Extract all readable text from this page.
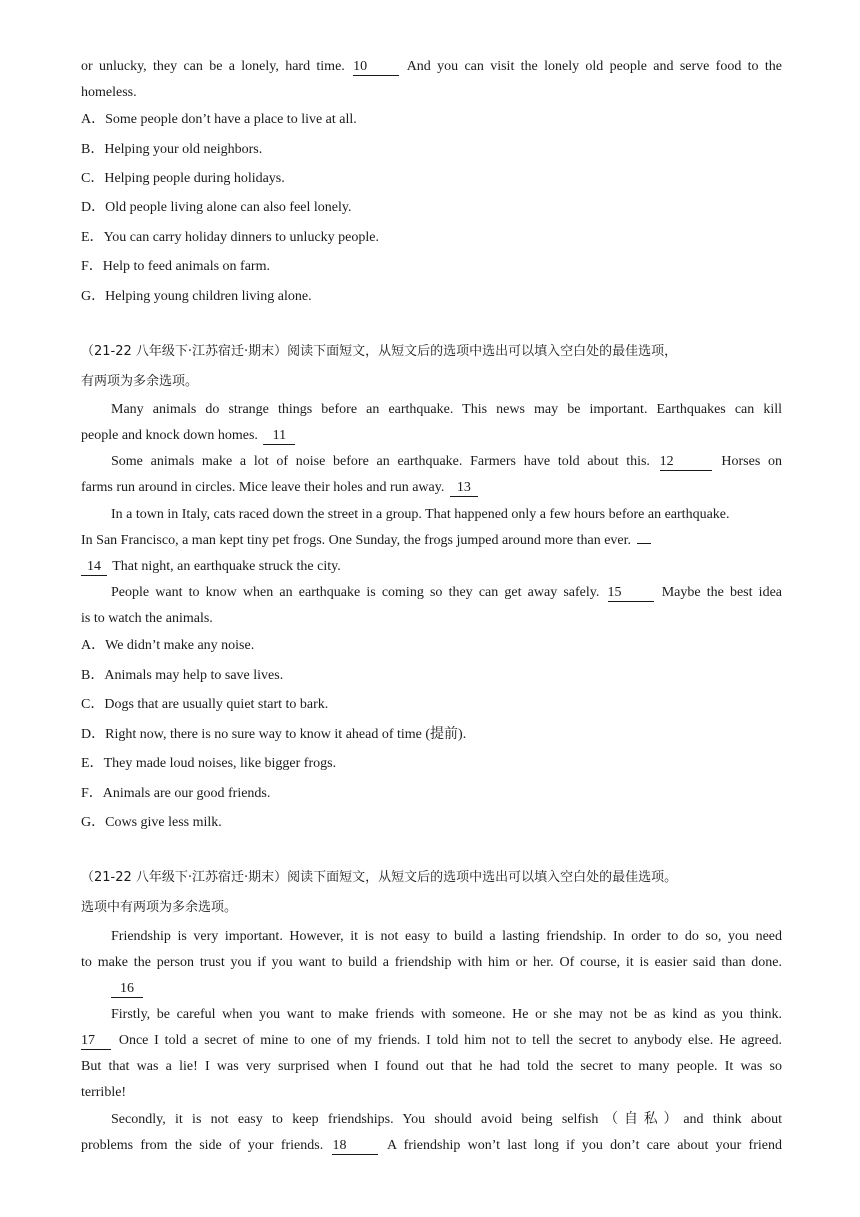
or unlucky, they can be a lonely, hard time. 10	And you can visit the lonely old people and serve food to the
homeless.
A．Some people don’t have a place to live at all.
B．Helping your old neighbors.
C．Helping people during holidays.
D．Old people living alone can also feel lonely.
E．You can carry holiday dinners to unlucky people.
F．Help to feed animals on farm.
G．Helping young children living alone.
（21-22 八年级下·江苏宿迁·期末）阅读下面短文，从短文后的选项中选出可以填入空白处的最佳选项，
有两项为多余选项。
Many animals do strange things before an earthquake. This news may be important. Earthquakes can kill
people and knock down homes. 11
Some animals make a lot of noise before an earthquake. Farmers have told about this. 12	Horses on
farms run around in circles. Mice leave their holes and run away. 13
In a town in Italy, cats raced down the street in a group. That happened only a few hours before an earthquake.
In San Francisco, a man kept tiny pet frogs. One Sunday, the frogs jumped around more than ever.
14 That night, an earthquake struck the city.
People want to know when an earthquake is coming so they can get away safely. 15	Maybe the best idea
is to watch the animals.
A．We didn’t make any noise.
B．Animals may help to save lives.
C．Dogs that are usually quiet start to bark.
D．Right now, there is no sure way to know it ahead of time (提前).
E．They made loud noises, like bigger frogs.
F．Animals are our good friends.
G．Cows give less milk.
（21-22 八年级下·江苏宿迁·期末）阅读下面短文，从短文后的选项中选出可以填入空白处的最佳选项。
选项中有两项为多余选项。
Friendship is very important. However, it is not easy to build a lasting friendship. In order to do so, you need
to make the person trust you if you want to build a friendship with him or her. Of course, it is easier said than done.
16
Firstly, be careful when you want to make friends with someone. He or she may not be as kind as you think.
17 Once I told a secret of mine to one of my friends. I told him not to tell the secret to anybody else. He agreed.
But that was a lie! I was very surprised when I found out that he had told the secret to many people. It was so
terrible!
Secondly, it is not easy to keep friendships. You should avoid being selfish（自私）and think about
problems from the side of your friends. 18	A friendship won’t last long if you don’t care about your friend
